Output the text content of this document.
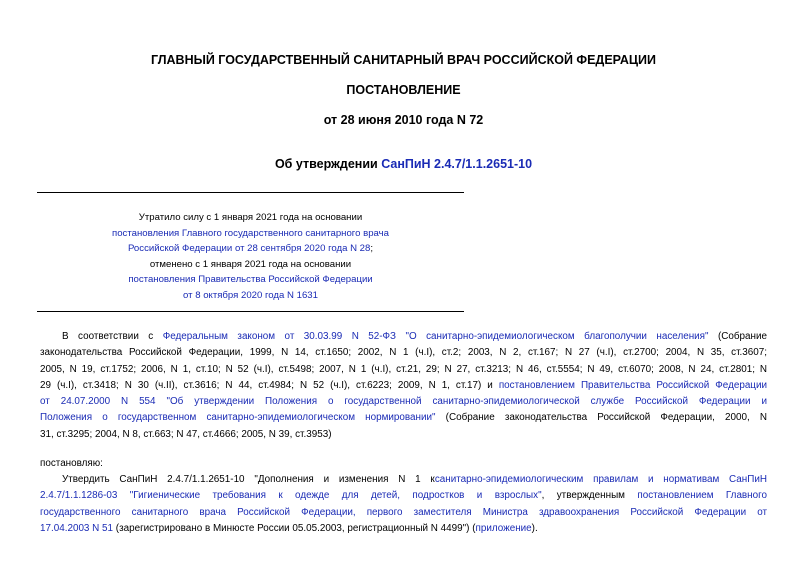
ГЛАВНЫЙ ГОСУДАРСТВЕННЫЙ САНИТАРНЫЙ ВРАЧ РОССИЙСКОЙ ФЕДЕРАЦИИ
ПОСТАНОВЛЕНИЕ
от 28 июня 2010 года N 72
Об утверждении СанПиН 2.4.7/1.1.2651-10
Утратило силу с 1 января 2021 года на основании
постановления Главного государственного санитарного врача
Российской Федерации от 28 сентября 2020 года N 28;
отменено с 1 января 2021 года на основании
постановления Правительства Российской Федерации
от 8 октября 2020 года N 1631
В соответствии с Федеральным законом от 30.03.99 N 52-ФЗ "О санитарно-эпидемиологическом благополучии населения" (Собрание
законодательства Российской Федерации, 1999, N 14, ст.1650; 2002, N 1 (ч.I), ст.2; 2003, N 2, ст.167; N 27 (ч.I), ст.2700; 2004, N 35, ст.3607;
2005, N 19, ст.1752; 2006, N 1, ст.10; N 52 (ч.I), ст.5498; 2007, N 1 (ч.I), ст.21, 29; N 27, ст.3213; N 46, ст.5554; N 49, ст.6070; 2008, N 24, ст.2801; N
29 (ч.I), ст.3418; N 30 (ч.II), ст.3616; N 44, ст.4984; N 52 (ч.I), ст.6223; 2009, N 1, ст.17) и постановлением Правительства Российской Федерации
от 24.07.2000 N 554 "Об утверждении Положения о государственной санитарно-эпидемиологической службе Российской Федерации и
Положения о государственном санитарно-эпидемиологическом нормировании" (Собрание законодательства Российской Федерации, 2000, N
31, ст.3295; 2004, N 8, ст.663; N 47, ст.4666; 2005, N 39, ст.3953)
постановляю:
Утвердить СанПиН 2.4.7/1.1.2651-10 "Дополнения и изменения N 1 ксанитарно-эпидемиологическим правилам и нормативам СанПиН
2.4.7/1.1.1286-03 "Гигиенические требования к одежде для детей, подростков и взрослых", утвержденным постановлением Главного
государственного санитарного врача Российской Федерации, первого заместителя Министра здравоохранения Российской Федерации от
17.04.2003 N 51 (зарегистрировано в Минюсте России 05.05.2003, регистрационный N 4499") (приложение).
